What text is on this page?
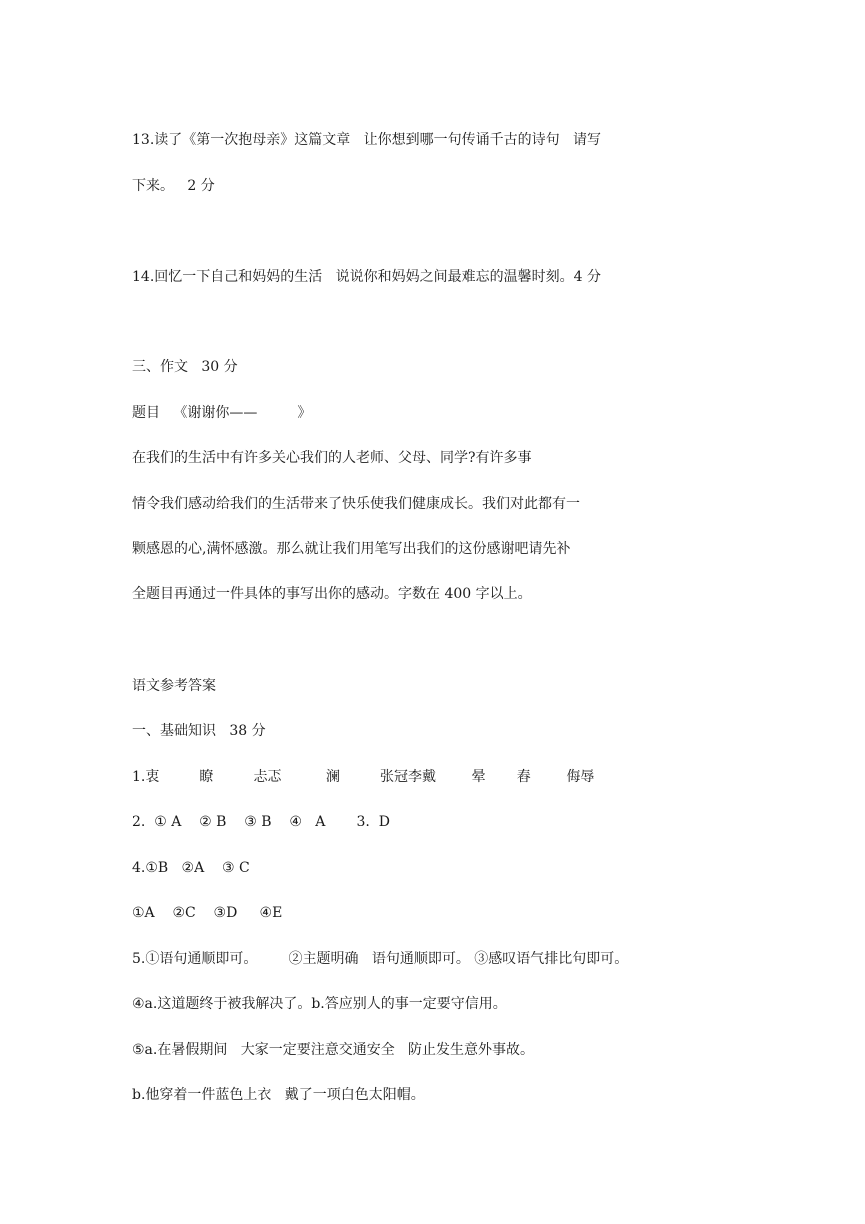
13.读了《第一次抱母亲》这篇文章   让你想到哪一句传诵千古的诗句   请写
下来。   2 分
14.回忆一下自己和妈妈的生活   说说你和妈妈之间最难忘的温馨时刻。4 分
三、作文   30 分
题目   《谢谢你——         》
在我们的生活中有许多关心我们的人老师、父母、同学?有许多事
情令我们感动给我们的生活带来了快乐使我们健康成长。我们对此都有一
颗感恩的心,满怀感激。那么就让我们用笔写出我们的这份感谢吧请先补
全题目再通过一件具体的事写出你的感动。字数在 400 字以上。
语文参考答案
一、基础知识   38 分
1.衷         瞭         忐忑          澜         张冠李戴        晕       舂        侮辱
2.  ① A    ② B    ③ B    ④   A       3.  D
4.①B   ②A    ③ C
①A    ②C    ③D     ④E
5.①语句通顺即可。       ②主题明确   语句通顺即可。 ③感叹语气排比句即可。
④a.这道题终于被我解决了。b.答应别人的事一定要守信用。
⑤a.在暑假期间   大家一定要注意交通安全   防止发生意外事故。
b.他穿着一件蓝色上衣   戴了一项白色太阳帽。
